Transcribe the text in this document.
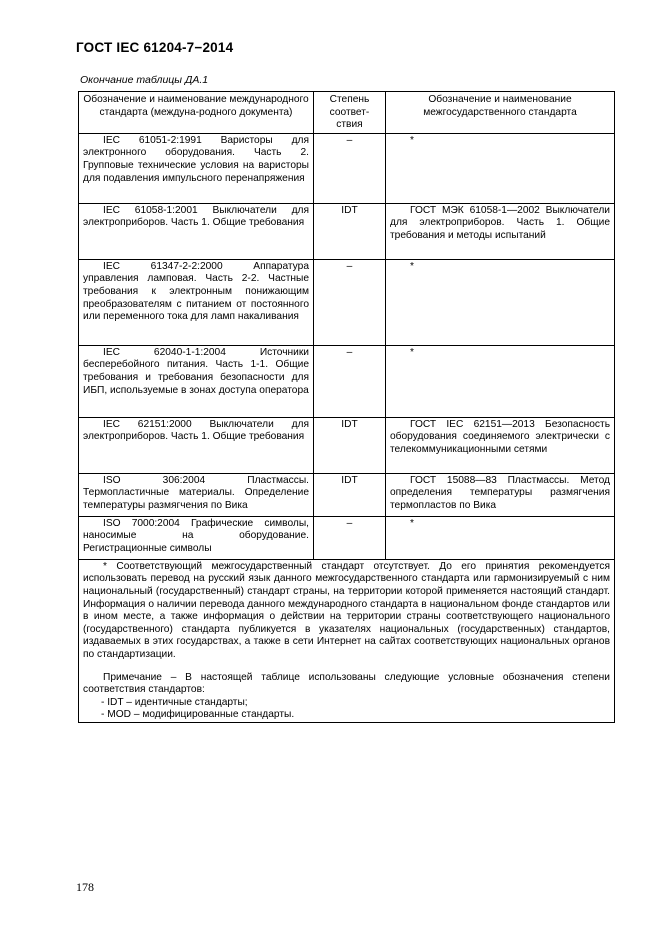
ГОСТ IEC 61204-7−2014
Окончание таблицы ДА.1
Обозначение и наименование международного стандарта (междуна-родного документа)	Степень соответ-ствия	Обозначение и наименование межгосударственного стандарта

IEC 61051-2:1991 Варисторы для электронного оборудования. Часть 2. Групповые технические условия на варисторы для подавления импульсного перенапряжения	–	*

IEC 61058-1:2001 Выключатели для электроприборов. Часть 1. Общие требования	IDT	ГОСТ МЭК 61058-1—2002 Выключатели для электроприборов. Часть 1. Общие требования и методы испытаний

IEC 61347-2-2:2000 Аппаратура управления ламповая. Часть 2-2. Частные требования к электронным понижающим преобразователям с питанием от постоянного или переменного тока для ламп накаливания	–	*

IEC 62040-1-1:2004 Источники бесперебойного питания. Часть 1-1. Общие требования и требования безопасности для ИБП, используемые в зонах доступа оператора	–	*

IEC 62151:2000 Выключатели для электроприборов. Часть 1. Общие требования	IDT	ГОСТ IEC 62151—2013 Безопасность оборудования соединяемого электрически с телекоммуникационными сетями

ISO 306:2004 Пластмассы. Термопластичные материалы. Определение температуры размягчения по Вика	IDT	ГОСТ 15088—83 Пластмассы. Метод определения температуры размягчения термопластов по Вика

ISO 7000:2004 Графические символы, наносимые на оборудование. Регистрационные символы	–	*

* Соответствующий межгосударственный стандарт отсутствует. До его принятия рекомендуется использовать перевод на русский язык данного межгосударственного стандарта или гармонизируемый с ним национальный (государственный) стандарт страны, на территории которой применяется настоящий стандарт. Информация о наличии перевода данного международного стандарта в национальном фонде стандартов или в ином месте, а также информация о действии на территории страны соответствующего национального (государственного) стандарта публикуется в указателях национальных (государственных) стандартов, издаваемых в этих государствах, а также в сети Интернет на сайтах соответствующих национальных органов по стандартизации.

Примечание – В настоящей таблице использованы следующие условные обозначения степени соответствия стандартов:

- IDT – идентичные стандарты;
- MOD – модифицированные стандарты.		
178
